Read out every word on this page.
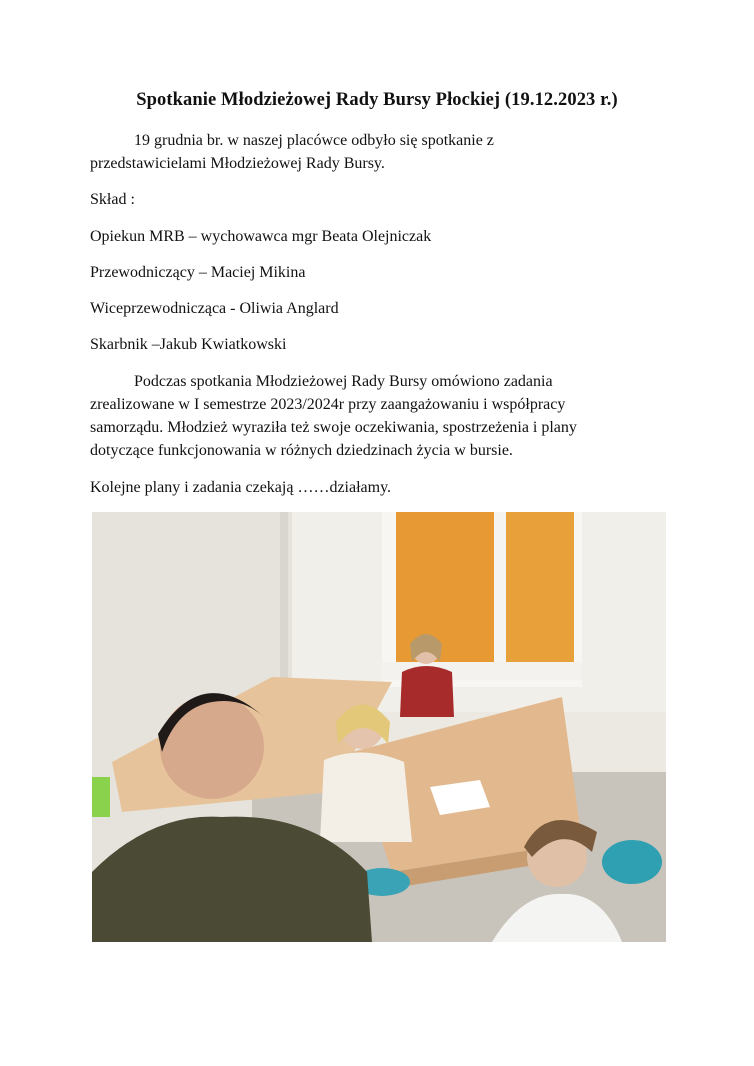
Spotkanie Młodzieżowej Rady Bursy Płockiej (19.12.2023 r.)
19 grudnia br. w naszej placówce odbyło się spotkanie z
przedstawicielami Młodzieżowej Rady Bursy.
Skład :
Opiekun MRB – wychowawca mgr Beata Olejniczak
Przewodniczący – Maciej Mikina
Wiceprzewodnicząca - Oliwia Anglard
Skarbnik –Jakub Kwiatkowski
Podczas spotkania Młodzieżowej Rady Bursy omówiono zadania
zrealizowane w I semestrze 2023/2024r przy zaangażowaniu i współpracy
samorządu. Młodzież wyraziła też swoje oczekiwania, spostrzeżenia i plany
dotyczące funkcjonowania w różnych dziedzinach życia w bursie.
Kolejne plany i zadania czekają ……działamy.
